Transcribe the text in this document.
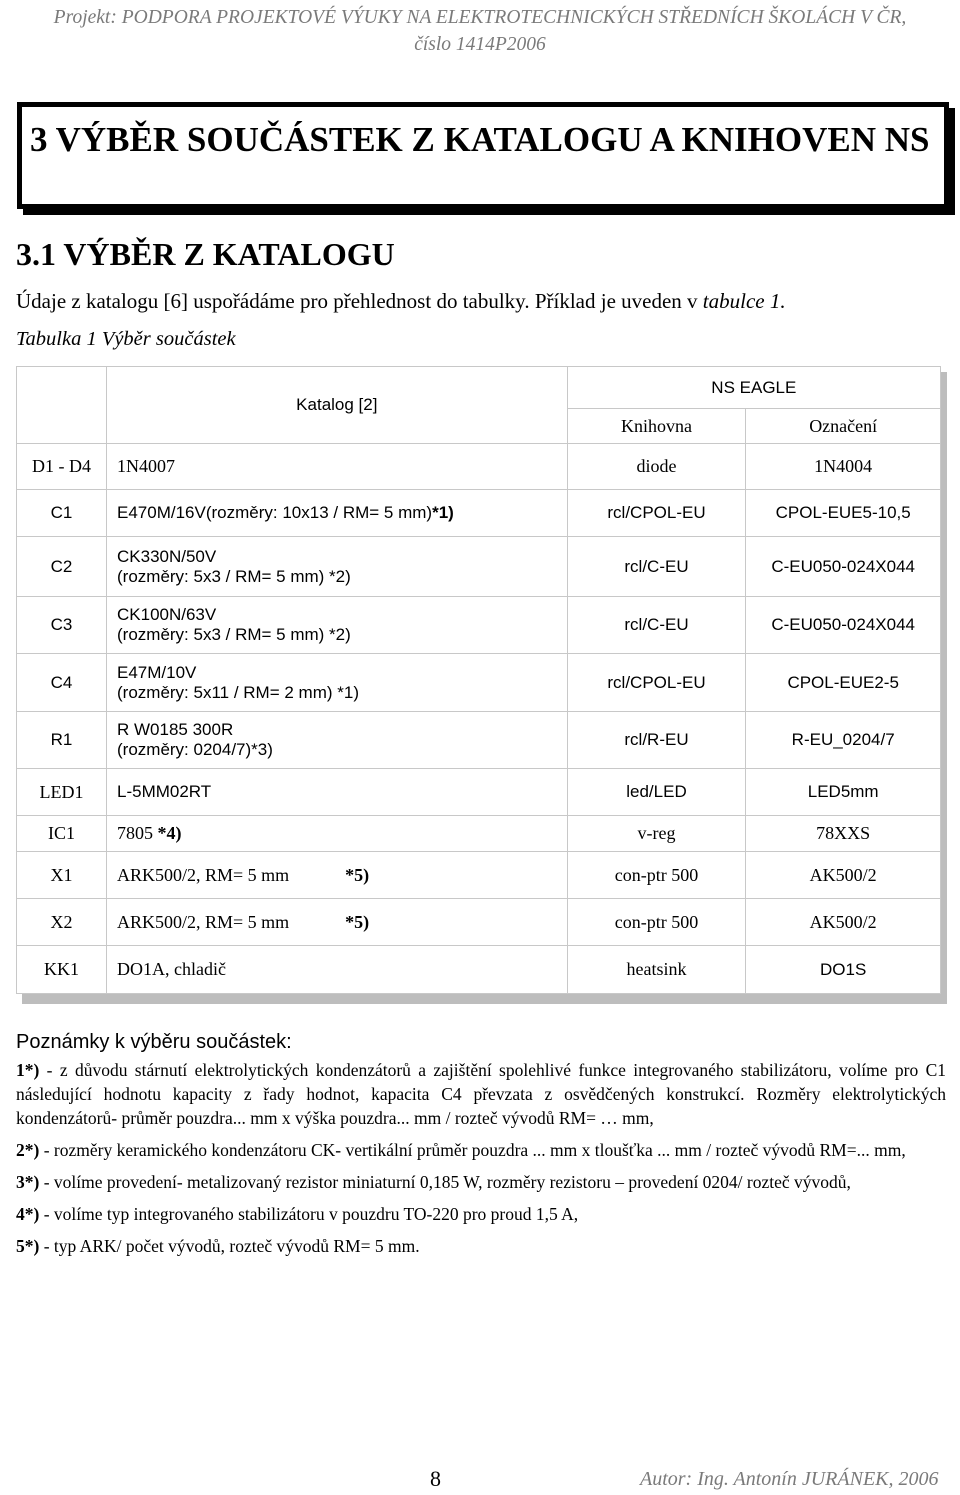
Projekt: PODPORA PROJEKTOVÉ VÝUKY NA ELEKTROTECHNICKÝCH STŘEDNÍCH ŠKOLÁCH V ČR,
číslo 1414P2006
3 VÝBĚR SOUČÁSTEK Z KATALOGU A KNIHOVEN NS
3.1 VÝBĚR Z KATALOGU
Údaje z katalogu [6] uspořádáme pro přehlednost do tabulky. Příklad je uveden v tabulce 1.
Tabulka 1 Výběr součástek
	Katalog [2]	NS EAGLE	
		Knihovna	Označení
D1 - D4	1N4007	diode	1N4004
C1	E470M/16V(rozměry: 10x13 / RM= 5 mm)*1)	rcl/CPOL-EU	CPOL-EUE5-10,5
C2	CK330N/50V
(rozměry: 5x3 / RM= 5 mm) *2)	rcl/C-EU	C-EU050-024X044
C3	CK100N/63V
(rozměry: 5x3 / RM= 5 mm) *2)	rcl/C-EU	C-EU050-024X044
C4	E47M/10V
(rozměry: 5x11 / RM= 2 mm) *1)	rcl/CPOL-EU	CPOL-EUE2-5
R1	R W0185 300R
(rozměry: 0204/7)*3)	rcl/R-EU	R-EU_0204/7
LED1	L-5MM02RT	led/LED	LED5mm
IC1	7805 *4)	v-reg	78XXS
X1	ARK500/2, RM= 5 mm *5)	con-ptr 500	AK500/2
X2	ARK500/2, RM= 5 mm *5)	con-ptr 500	AK500/2
KK1	DO1A, chladič	heatsink	DO1S
Poznámky k výběru součástek:

1*) - z důvodu stárnutí elektrolytických kondenzátorů a zajištění spolehlivé funkce integrovaného stabilizátoru, volíme pro C1 následující hodnotu kapacity z řady hodnot, kapacita C4 převzata z osvědčených konstrukcí. Rozměry elektrolytických kondenzátorů- průměr pouzdra... mm x výška pouzdra... mm / rozteč vývodů RM= … mm,

2*) - rozměry keramického kondenzátoru CK- vertikální průměr pouzdra ... mm x tloušťka ... mm / rozteč vývodů RM=... mm,

3*) - volíme provedení- metalizovaný rezistor miniaturní 0,185 W, rozměry rezistoru – provedení 0204/ rozteč vývodů,

4*) - volíme typ integrovaného stabilizátoru v pouzdru TO-220 pro proud 1,5 A,

5*) - typ ARK/ počet vývodů, rozteč vývodů RM= 5 mm.

8	Autor: Ing. Antonín JURÁNEK, 2006
